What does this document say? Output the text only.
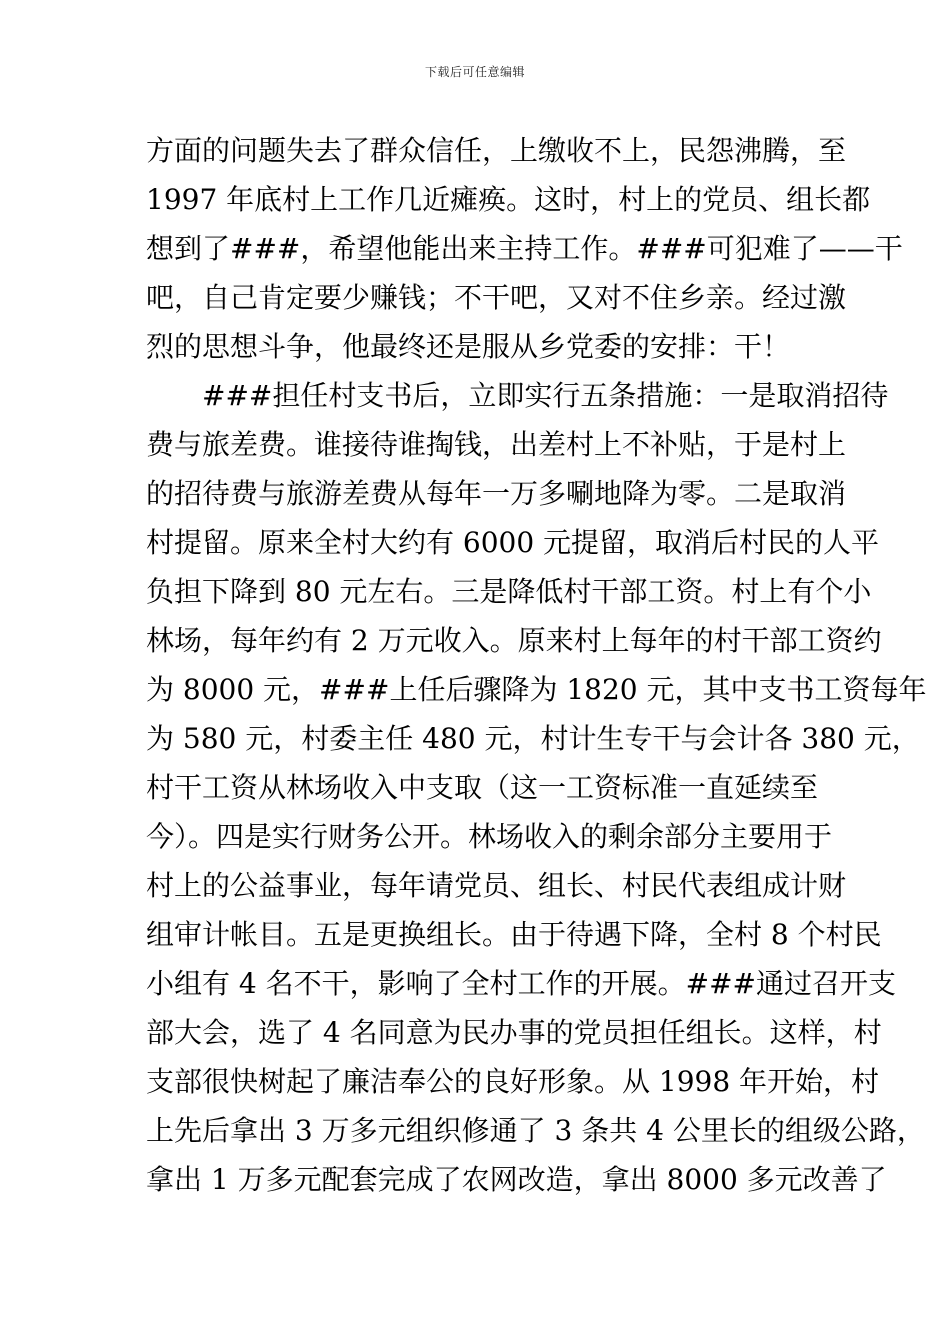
下载后可任意编辑
方面的问题失去了群众信任，上缴收不上，民怨沸腾，至
1997 年底村上工作几近瘫痪。这时，村上的党员、组长都
想到了###，希望他能出来主持工作。###可犯难了——干
吧，自己肯定要少赚钱；不干吧，又对不住乡亲。经过激
烈的思想斗争，他最终还是服从乡党委的安排：干！
###担任村支书后，立即实行五条措施：一是取消招待
费与旅差费。谁接待谁掏钱，出差村上不补贴，于是村上
的招待费与旅游差费从每年一万多唰地降为零。二是取消
村提留。原来全村大约有 6000 元提留，取消后村民的人平
负担下降到 80 元左右。三是降低村干部工资。村上有个小
林场，每年约有 2 万元收入。原来村上每年的村干部工资约
为 8000 元，###上任后骤降为 1820 元，其中支书工资每年
为 580 元，村委主任 480 元，村计生专干与会计各 380 元，
村干工资从林场收入中支取（这一工资标准一直延续至
今）。四是实行财务公开。林场收入的剩余部分主要用于
村上的公益事业，每年请党员、组长、村民代表组成计财
组审计帐目。五是更换组长。由于待遇下降，全村 8 个村民
小组有 4 名不干，影响了全村工作的开展。###通过召开支
部大会，选了 4 名同意为民办事的党员担任组长。这样，村
支部很快树起了廉洁奉公的良好形象。从 1998 年开始，村
上先后拿出 3 万多元组织修通了 3 条共 4 公里长的组级公路，
拿出 1 万多元配套完成了农网改造，拿出 8000 多元改善了
